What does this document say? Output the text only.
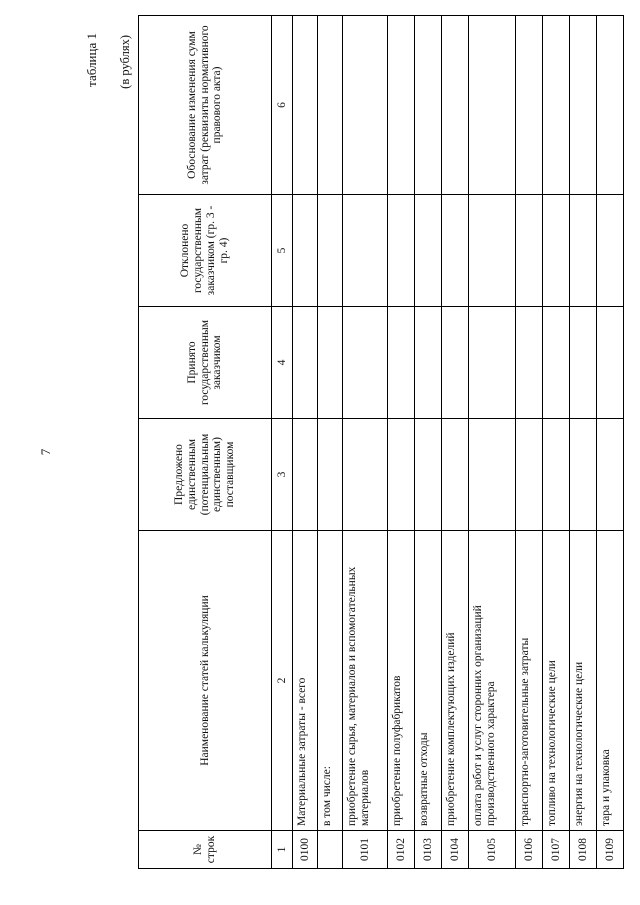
7
таблица 1 (в рублях)
№ строк	Наименование статей калькуляции	Предложено единственным (потенциальным единственным) поставщиком	Принято государственным заказчиком	Отклонено государственным заказчиком (гр. 3 - гр. 4)	Обоснование изменения сумм затрат (реквизиты нормативного правового акта)
1	2	3	4	5	6
0100	Материальные затраты - всего				
	в том числе:				
0101	приобретение сырья, материалов и вспомогательных материалов				
0102	приобретение полуфабрикатов				
0103	возвратные отходы				
0104	приобретение комплектующих изделий				
0105	оплата работ и услуг сторонних организаций производственного характера				
0106	транспортно-заготовительные затраты				
0107	топливо на технологические цели				
0108	энергия на технологические цели				
0109	тара и упаковка				
